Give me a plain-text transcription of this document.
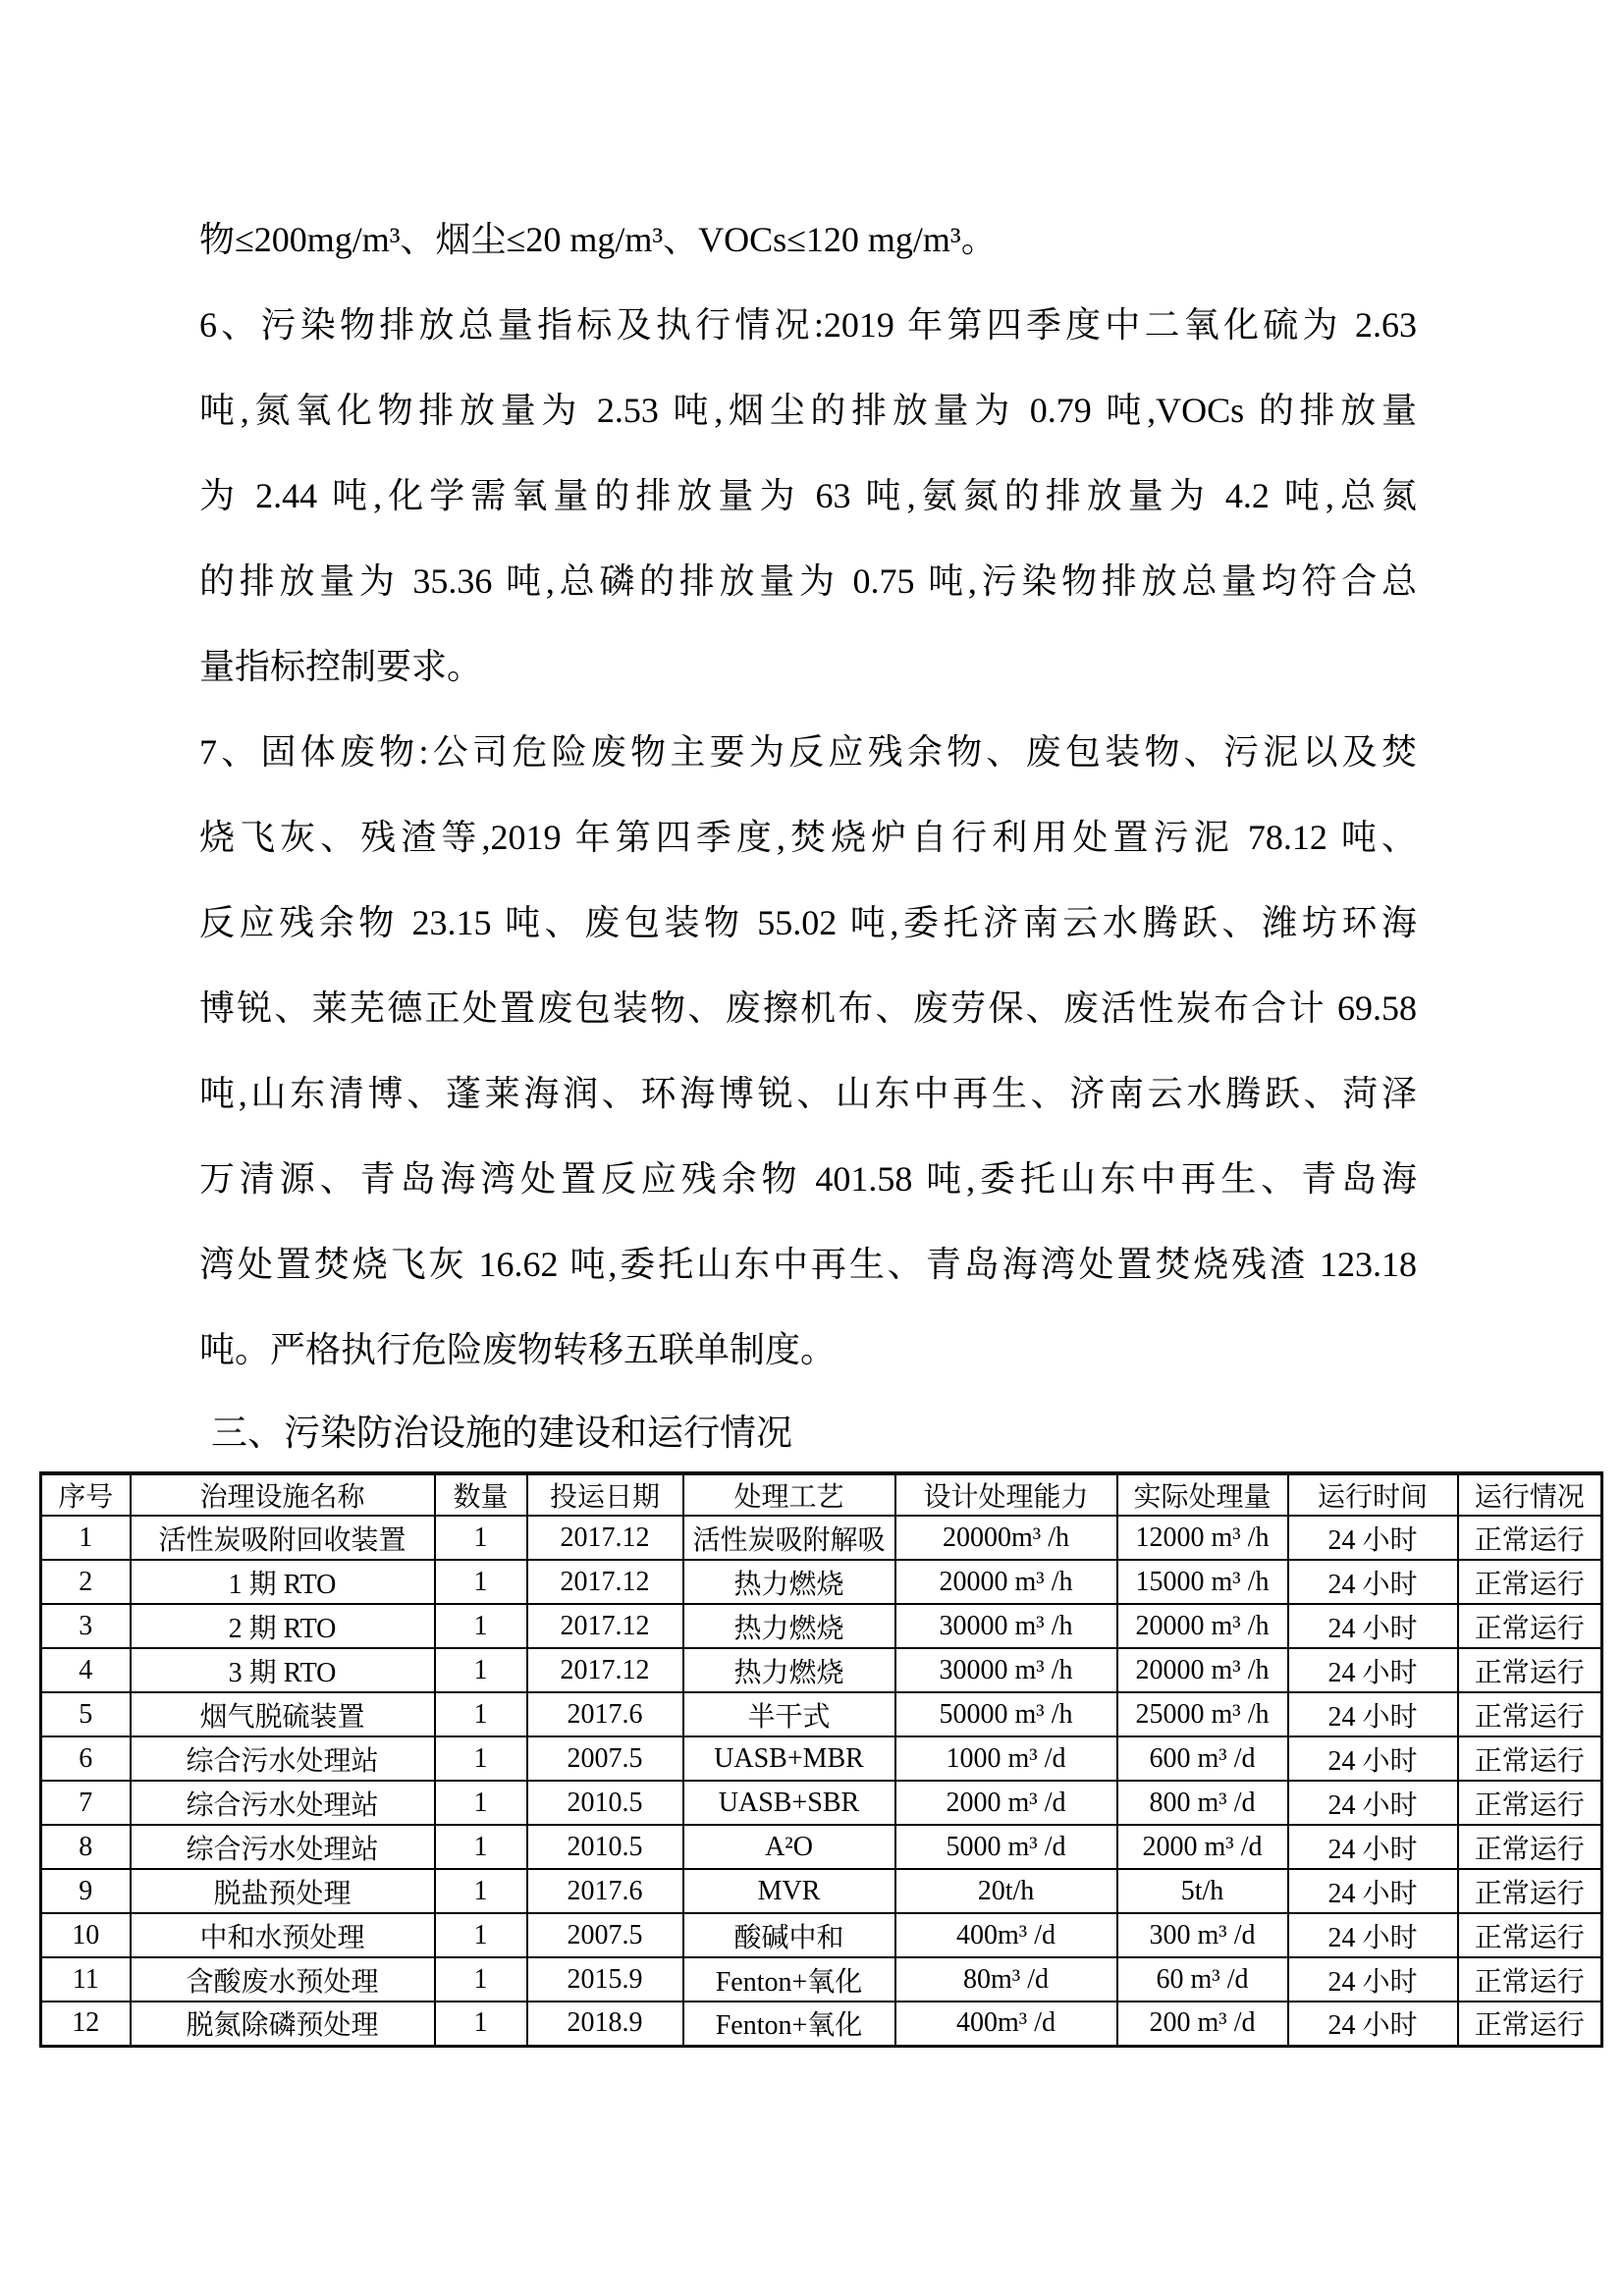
物≤200mg/m³、烟尘≤20 mg/m³、VOCs≤120 mg/m³。
6、污染物排放总量指标及执行情况:2019 年第四季度中二氧化硫为 2.63
吨,氮氧化物排放量为 2.53 吨,烟尘的排放量为 0.79 吨,VOCs 的排放量
为 2.44 吨,化学需氧量的排放量为 63 吨,氨氮的排放量为 4.2 吨,总氮
的排放量为 35.36 吨,总磷的排放量为 0.75 吨,污染物排放总量均符合总
量指标控制要求。
7、固体废物:公司危险废物主要为反应残余物、废包装物、污泥以及焚
烧飞灰、残渣等,2019 年第四季度,焚烧炉自行利用处置污泥 78.12 吨、
反应残余物 23.15 吨、废包装物 55.02 吨,委托济南云水腾跃、潍坊环海
博锐、莱芜德正处置废包装物、废擦机布、废劳保、废活性炭布合计 69.58
吨,山东清博、蓬莱海润、环海博锐、山东中再生、济南云水腾跃、菏泽
万清源、青岛海湾处置反应残余物 401.58 吨,委托山东中再生、青岛海
湾处置焚烧飞灰 16.62 吨,委托山东中再生、青岛海湾处置焚烧残渣 123.18
吨。严格执行危险废物转移五联单制度。
三、污染防治设施的建设和运行情况
序号	治理设施名称	数量	投运日期	处理工艺	设计处理能力	实际处理量	运行时间	运行情况
1	活性炭吸附回收装置	1	2017.12	活性炭吸附解吸	20000m³ /h	12000 m³ /h	24 小时	正常运行
2	1 期 RTO	1	2017.12	热力燃烧	20000 m³ /h	15000 m³ /h	24 小时	正常运行
3	2 期 RTO	1	2017.12	热力燃烧	30000 m³ /h	20000 m³ /h	24 小时	正常运行
4	3 期 RTO	1	2017.12	热力燃烧	30000 m³ /h	20000 m³ /h	24 小时	正常运行
5	烟气脱硫装置	1	2017.6	半干式	50000 m³ /h	25000 m³ /h	24 小时	正常运行
6	综合污水处理站	1	2007.5	UASB+MBR	1000 m³ /d	600 m³ /d	24 小时	正常运行
7	综合污水处理站	1	2010.5	UASB+SBR	2000 m³ /d	800 m³ /d	24 小时	正常运行
8	综合污水处理站	1	2010.5	A²O	5000 m³ /d	2000 m³ /d	24 小时	正常运行
9	脱盐预处理	1	2017.6	MVR	20t/h	5t/h	24 小时	正常运行
10	中和水预处理	1	2007.5	酸碱中和	400m³ /d	300 m³ /d	24 小时	正常运行
11	含酸废水预处理	1	2015.9	Fenton+氧化	80m³ /d	60 m³ /d	24 小时	正常运行
12	脱氮除磷预处理	1	2018.9	Fenton+氧化	400m³ /d	200 m³ /d	24 小时	正常运行
